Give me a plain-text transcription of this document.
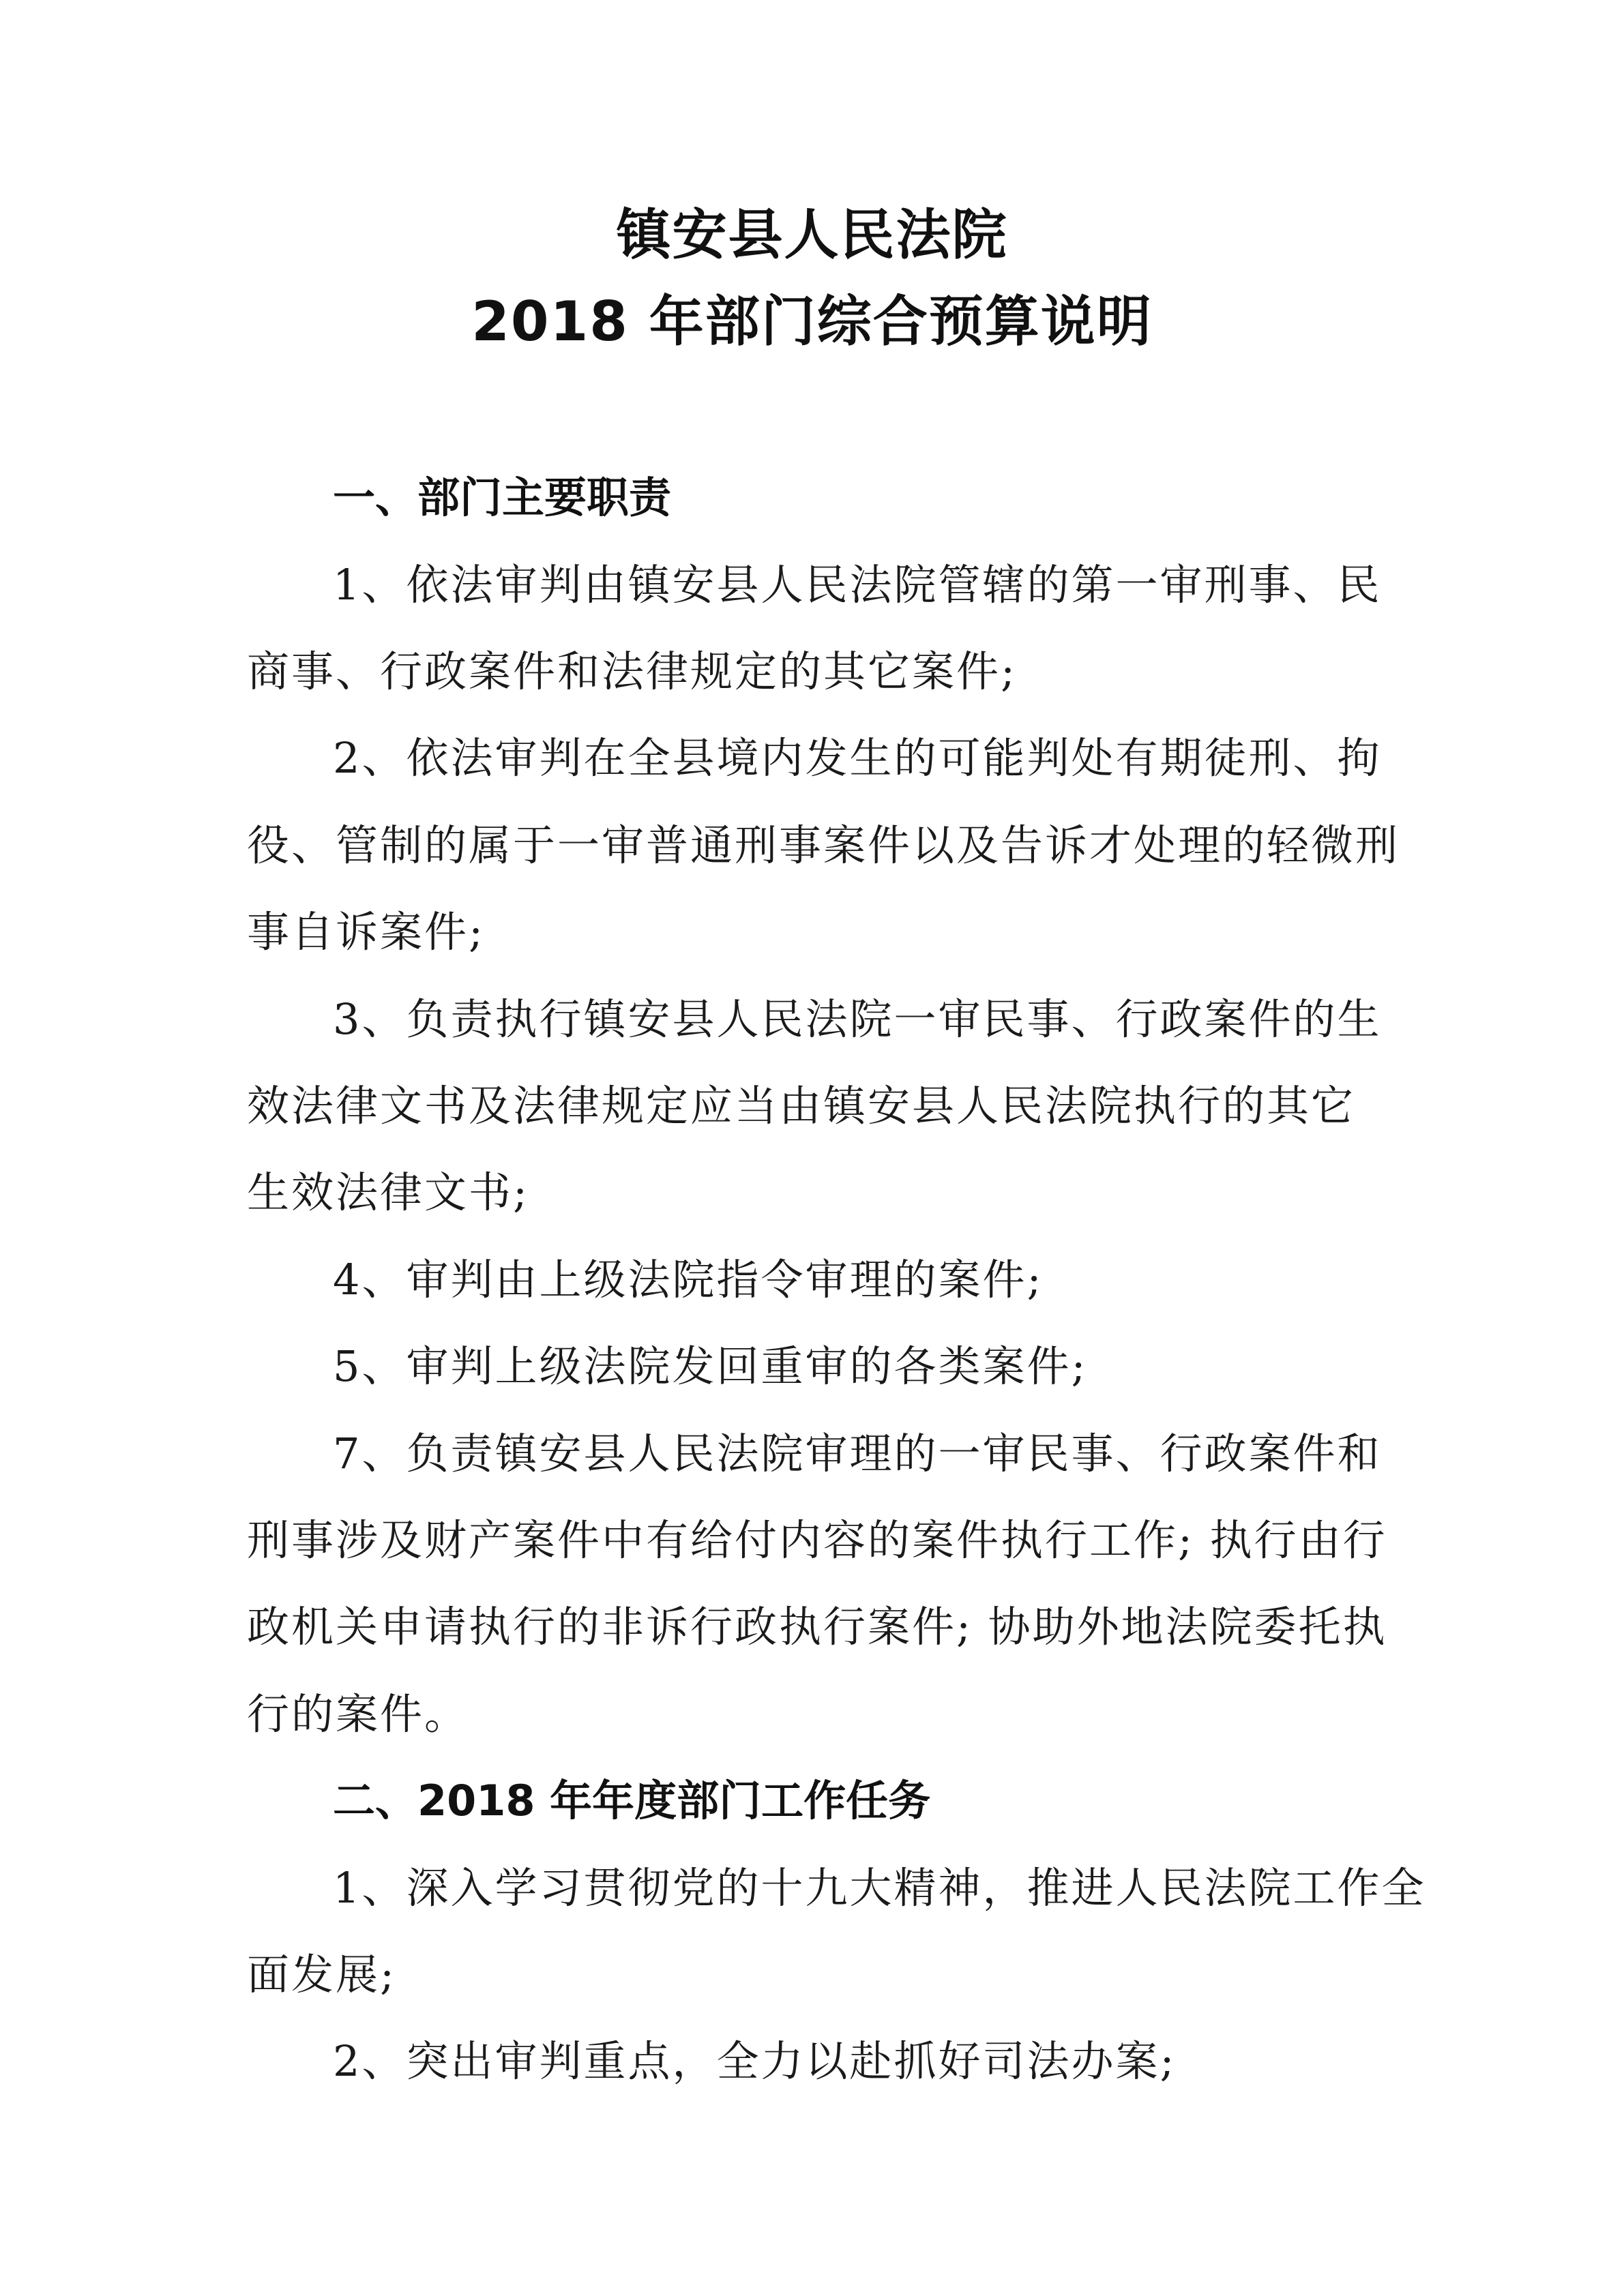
镇安县人民法院
2018 年部门综合预算说明
一、部门主要职责
1、依法审判由镇安县人民法院管辖的第一审刑事、民
商事、行政案件和法律规定的其它案件;
2、依法审判在全县境内发生的可能判处有期徒刑、拘
役、管制的属于一审普通刑事案件以及告诉才处理的轻微刑
事自诉案件;
3、负责执行镇安县人民法院一审民事、行政案件的生
效法律文书及法律规定应当由镇安县人民法院执行的其它
生效法律文书;
4、审判由上级法院指令审理的案件;
5、审判上级法院发回重审的各类案件;
7、负责镇安县人民法院审理的一审民事、行政案件和
刑事涉及财产案件中有给付内容的案件执行工作; 执行由行
政机关申请执行的非诉行政执行案件; 协助外地法院委托执
行的案件。
二、2018 年年度部门工作任务
1、深入学习贯彻党的十九大精神，推进人民法院工作全
面发展;
2、突出审判重点，全力以赴抓好司法办案;
